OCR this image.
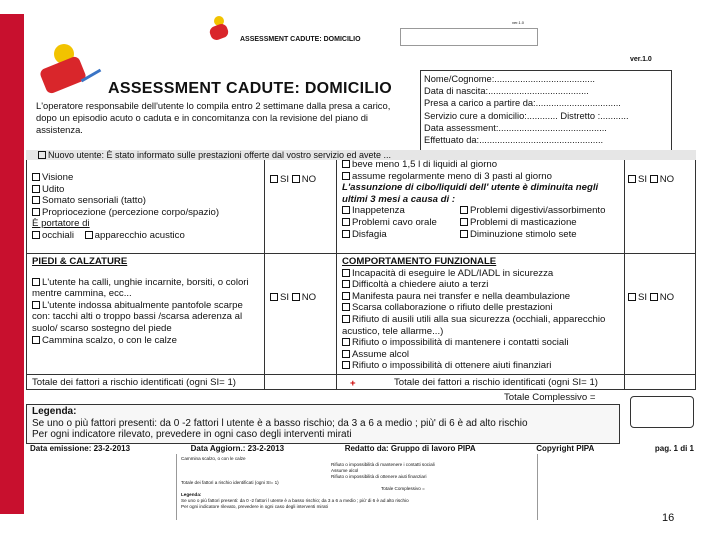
ASSESSMENT CADUTE: DOMICILIO
ver.1.0
ASSESSMENT CADUTE: DOMICILIO
ver.1.0
L'operatore responsabile dell'utente lo compila entro 2 settimane dalla presa a carico, dopo un episodio acuto o caduta e in concomitanza con la revisione del piano di assistenza.
Nome/Cognome:.......................................
Data di nascita:.......................................
Presa a carico a partire da:.................................
Servizio cure a domicilio:............ Distretto :...........
Data assessment:..........................................
Effettuato da:................................................
Nuovo utente: È stato informato sulle prestazioni offerte dal vostro servizio ed avete ...
Visione
Udito
Somato sensoriali (tatto)
Propriocezione (percezione corpo/spazio)
È portatore di
occhiali apparecchio acustico
SI NO
beve meno 1,5 l di liquidi al giorno
assume regolarmente meno di 3 pasti al giorno
L'assunzione di cibo/liquidi dell' utente è diminuita negli ultimi 3 mesi a causa di :
Inappetenza
Problemi cavo orale
Disfagia
Problemi digestivi/assorbimento
Problemi di masticazione
Diminuzione stimolo sete
SI NO
PIEDI & CALZATURE
L'utente ha calli, unghie incarnite, borsiti, o colori mentre cammina, ecc...
L'utente indossa abitualmente pantofole scarpe con: tacchi alti o troppo bassi /scarsa aderenza al suolo/ scarso sostegno del piede
Cammina scalzo, o con le calze
SI NO
COMPORTAMENTO FUNZIONALE
Incapacità di eseguire le ADL/IADL in sicurezza
Difficoltà a chiedere aiuto a terzi
Manifesta paura nei transfer e nella deambulazione
Scarsa collaborazione o rifiuto delle prestazioni
Rifiuto di ausili utili alla sua sicurezza (occhiali, apparecchio acustico, tele allarme...)
Rifiuto o impossibilità di mantenere i contatti sociali
Assume alcol
Rifiuto o impossibilità di ottenere aiuti finanziari
SI NO
Totale dei fattori a rischio identificati (ogni SI= 1)	+	Totale dei fattori a rischio identificati (ogni SI= 1)
Totale Complessivo =
Legenda:
Se uno o più fattori presenti: da 0 -2 fattori l utente è a basso rischio; da 3 a 6 a medio ; più' di 6 è ad alto rischio
Per ogni indicatore rilevato, prevedere in ogni caso degli interventi mirati
Data emissione: 23-2-2013	Data Aggiorn.: 23-2-2013	Redatto da: Gruppo di lavoro PIPA	Copyright PIPA	pag. 1 di 1
Cammina scalzo, o con le calze
Rifiuto o impossibilità di mantenere i contatti sociali
Assume alcol
Rifiuto o impossibilità di ottenere aiuti finanziari
Totale dei fattori a rischio identificati (ogni SI= 1)
Totale Complessivo =
Legenda:
Se uno o più fattori presenti: da 0 -2 fattori l utente è a basso rischio; da 3 a 6 a medio ; più' di 6 è ad alto rischio
Per ogni indicatore rilevato, prevedere in ogni caso degli interventi mirati
16
